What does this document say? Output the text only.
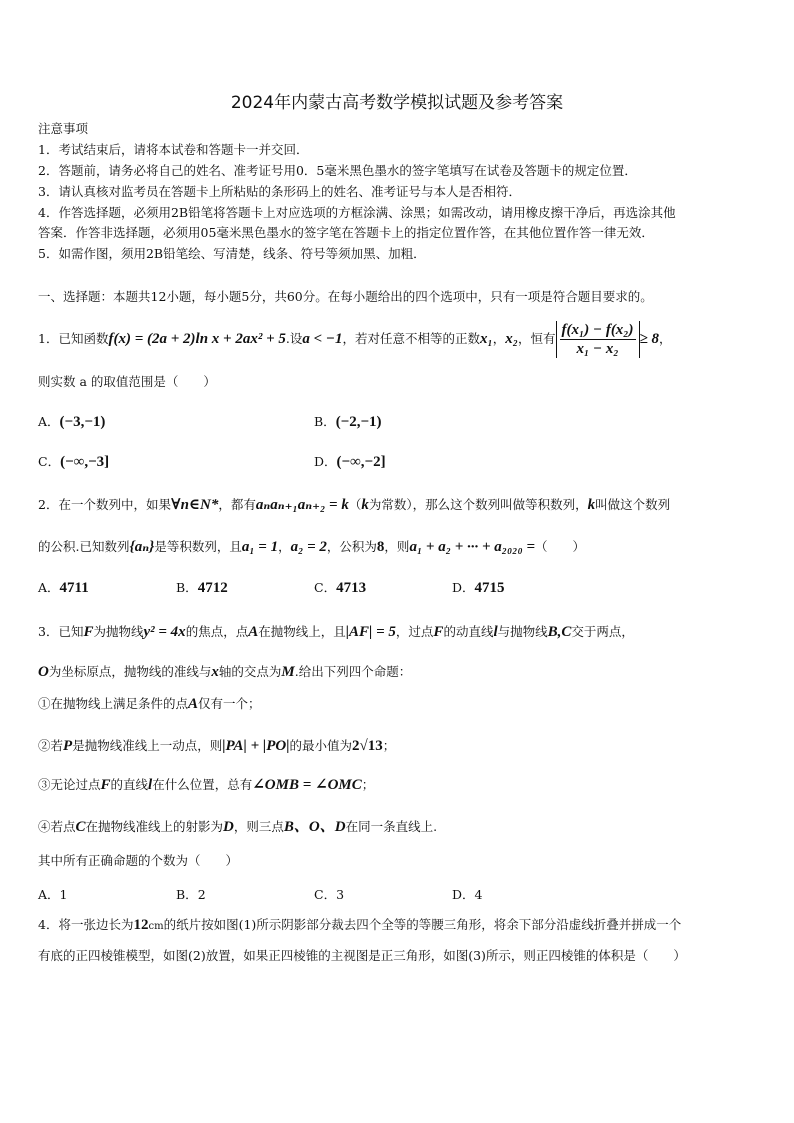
2024年内蒙古高考数学模拟试题及参考答案
注意事项
1．考试结束后，请将本试卷和答题卡一并交回．
2．答题前，请务必将自己的姓名、准考证号用0．5毫米黑色墨水的签字笔填写在试卷及答题卡的规定位置．
3．请认真核对监考员在答题卡上所粘贴的条形码上的姓名、准考证号与本人是否相符．
4．作答选择题，必须用2B铅笔将答题卡上对应选项的方框涂满、涂黑；如需改动，请用橡皮擦干净后，再选涂其他
答案．作答非选择题，必须用05毫米黑色墨水的签字笔在答题卡上的指定位置作答，在其他位置作答一律无效．
5．如需作图，须用2B铅笔绘、写清楚，线条、符号等须加黑、加粗．
一、选择题：本题共12小题，每小题5分，共60分。在每小题给出的四个选项中，只有一项是符合题目要求的。
1．已知函数f(x) = (2a + 2)ln x + 2ax² + 5.设a < −1，若对任意不相等的正数x₁，x₂，恒有 $\frac{\text{f(x₁) − f(x₂)}}{\text{x₁ − x₂}} \ge 8$，
则实数 a 的取值范围是（　　）
A．(−3,−1)	B．(−2,−1)
C．(−∞,−3]	D．(−∞,−2]
2．在一个数列中，如果∀n∈N*，都有aₙaₙ₊₁aₙ₊₂ = k（k为常数），那么这个数列叫做等积数列，k叫做这个数列
的公积.已知数列{aₙ}是等积数列，且a₁ = 1，a₂ = 2，公积为8，则a₁ + a₂ + ··· + a₂₀₂₀ =（　　）
A．4711	B．4712	C．4713	D．4715
3．已知F为抛物线y² = 4x的焦点，点A在抛物线上，且|AF| = 5，过点F的动直线l与抛物线B,C交于两点，
O为坐标原点，抛物线的准线与x轴的交点为M.给出下列四个命题：
①在抛物线上满足条件的点A仅有一个；
②若P是抛物线准线上一动点，则|PA| + |PO|的最小值为2√13；
③无论过点F的直线l在什么位置，总有∠OMB = ∠OMC；
④若点C在抛物线准线上的射影为D，则三点B、O、D在同一条直线上.
其中所有正确命题的个数为（　　）
A．1	B．2	C．3	D．4
4．将一张边长为12cm的纸片按如图(1)所示阴影部分裁去四个全等的等腰三角形，将余下部分沿虚线折叠并拼成一个
有底的正四棱锥模型，如图(2)放置，如果正四棱锥的主视图是正三角形，如图(3)所示，则正四棱锥的体积是（　　）
